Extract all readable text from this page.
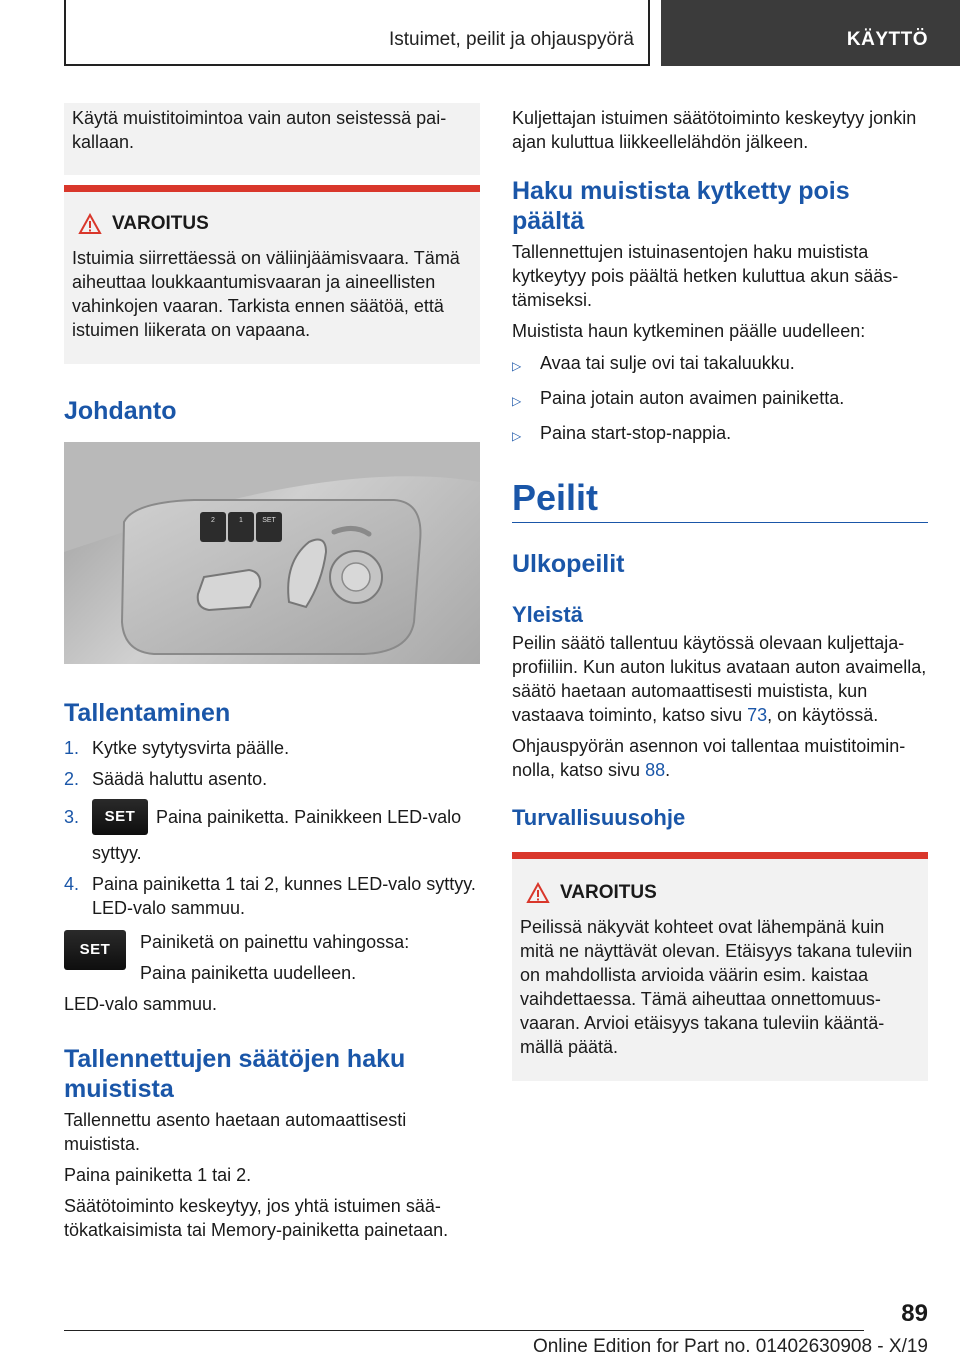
Istuimet, peilit ja ohjauspyörä	KÄYTTÖ

Käytä muistitoimintoa vain auton seistessä paikallaan.

VAROITUS

Istuimia siirrettäessä on väliinjäämisvaara. Tämä aiheuttaa loukkaantumisvaaran ja aineellisten vahinkojen vaaran. Tarkista ennen säätöä, että istuimen liikerata on vapaana.

Johdanto
2	1	SET
Tallentaminen
1. Kytke sytytysvirta päälle.
2. Säädä haluttu asento.
3.	SET Paina painiketta. Painikkeen LED-valo syttyy.
4. Paina painiketta 1 tai 2, kunnes LED-valo syttyy. LED-valo sammuu.
SET	Painiketä on painettu vahingossa:

Paina painiketta uudelleen.

LED-valo sammuu.

Tallennettujen säätöjen haku muistista

Tallennettu asento haetaan automaattisesti muistista.

Paina painiketta 1 tai 2.

Säätötoiminto keskeytyy, jos yhtä istuimen säätökatkaisimista tai Memory-painiketta painetaan.

Kuljettajan istuimen säätötoiminto keskeytyy jonkin ajan kuluttua liikkeellelähdön jälkeen.

Haku muistista kytketty pois päältä

Tallennettujen istuinasentojen haku muistista kytkeytyy pois päältä hetken kuluttua akun säästämiseksi.

Muistista haun kytkeminen päälle uudelleen:

▷	Avaa tai sulje ovi tai takaluukku.
▷	Paina jotain auton avaimen painiketta.
▷	Paina start-stop-nappia.
Peilit
Ulkopeilit
Yleistä

Peilin säätö tallentuu käytössä olevaan kuljettajaprofiiliin. Kun auton lukitus avataan auton avaimella, säätö haetaan automaattisesti muistista, kun vastaava toiminto, katso sivu 73, on käytössä.

Ohjauspyörän asennon voi tallentaa muistitoiminnolla, katso sivu 88.

Turvallisuusohje
VAROITUS

Peilissä näkyvät kohteet ovat lähempänä kuin mitä ne näyttävät olevan. Etäisyys takana tuleviin on mahdollista arvioida väärin esim. kaistaa vaihdettaessa. Tämä aiheuttaa onnettomuusvaaran. Arvioi etäisyys takana tuleviin kääntämällä päätä.

89
Online Edition for Part no. 01402630908 - X/19
